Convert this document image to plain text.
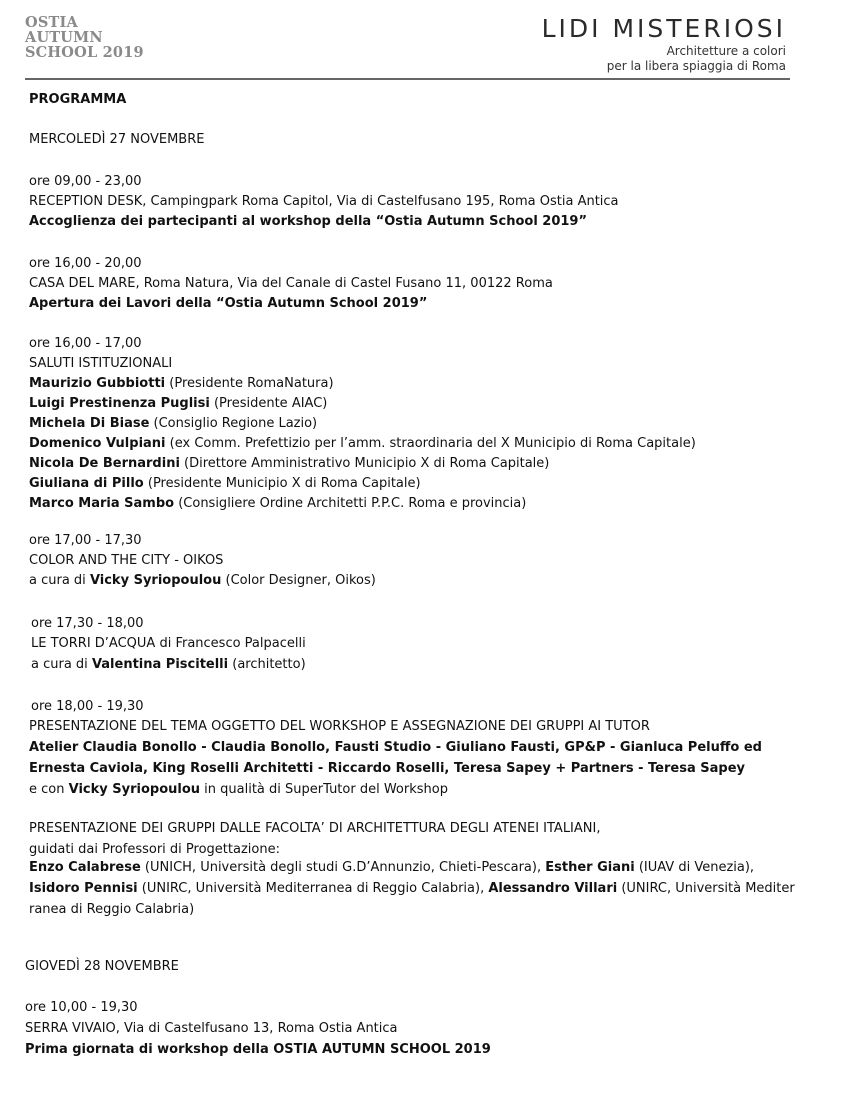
OSTIA
AUTUMN
SCHOOL 2019
LIDI MISTERIOSI
Architetture a colori
per la libera spiaggia di Roma
PROGRAMMA
MERCOLEDÌ 27 NOVEMBRE
ore 09,00 - 23,00
RECEPTION DESK, Campingpark Roma Capitol, Via di Castelfusano 195, Roma Ostia Antica
Accoglienza dei partecipanti al workshop della “Ostia Autumn School 2019”
ore 16,00 - 20,00
CASA DEL MARE, Roma Natura, Via del Canale di Castel Fusano 11, 00122 Roma
Apertura dei Lavori della “Ostia Autumn School 2019”
ore 16,00 - 17,00
SALUTI ISTITUZIONALI
Maurizio Gubbiotti (Presidente RomaNatura)
Luigi Prestinenza Puglisi (Presidente AIAC)
Michela Di Biase (Consiglio Regione Lazio)
Domenico Vulpiani (ex Comm. Prefettizio per l’amm. straordinaria del X Municipio di Roma Capitale)
Nicola De Bernardini (Direttore Amministrativo Municipio X di Roma Capitale)
Giuliana di Pillo (Presidente Municipio X di Roma Capitale)
Marco Maria Sambo (Consigliere Ordine Architetti P.P.C. Roma e provincia)
ore 17,00 - 17,30
COLOR AND THE CITY - OIKOS
a cura di Vicky Syriopoulou (Color Designer, Oikos)
ore 17,30 - 18,00
LE TORRI D’ACQUA di Francesco Palpacelli
a cura di Valentina Piscitelli (architetto)
ore 18,00 - 19,30
PRESENTAZIONE DEL TEMA OGGETTO DEL WORKSHOP E ASSEGNAZIONE DEI GRUPPI AI TUTOR
Atelier Claudia Bonollo - Claudia Bonollo, Fausti Studio - Giuliano Fausti, GP&P - Gianluca Peluffo ed
Ernesta Caviola, King Roselli Architetti - Riccardo Roselli, Teresa Sapey + Partners - Teresa Sapey
e con Vicky Syriopoulou in qualità di SuperTutor del Workshop
PRESENTAZIONE DEI GRUPPI DALLE FACOLTA’ DI ARCHITETTURA DEGLI ATENEI ITALIANI,
guidati dai Professori di Progettazione:
Enzo Calabrese (UNICH, Università degli studi G.D’Annunzio, Chieti-Pescara), Esther Giani (IUAV di Venezia),
Isidoro Pennisi (UNIRC, Università Mediterranea di Reggio Calabria), Alessandro Villari (UNIRC, Università Mediter
ranea di Reggio Calabria)
GIOVEDÌ 28 NOVEMBRE
ore 10,00 - 19,30
SERRA VIVAIO, Via di Castelfusano 13, Roma Ostia Antica
Prima giornata di workshop della OSTIA AUTUMN SCHOOL 2019
